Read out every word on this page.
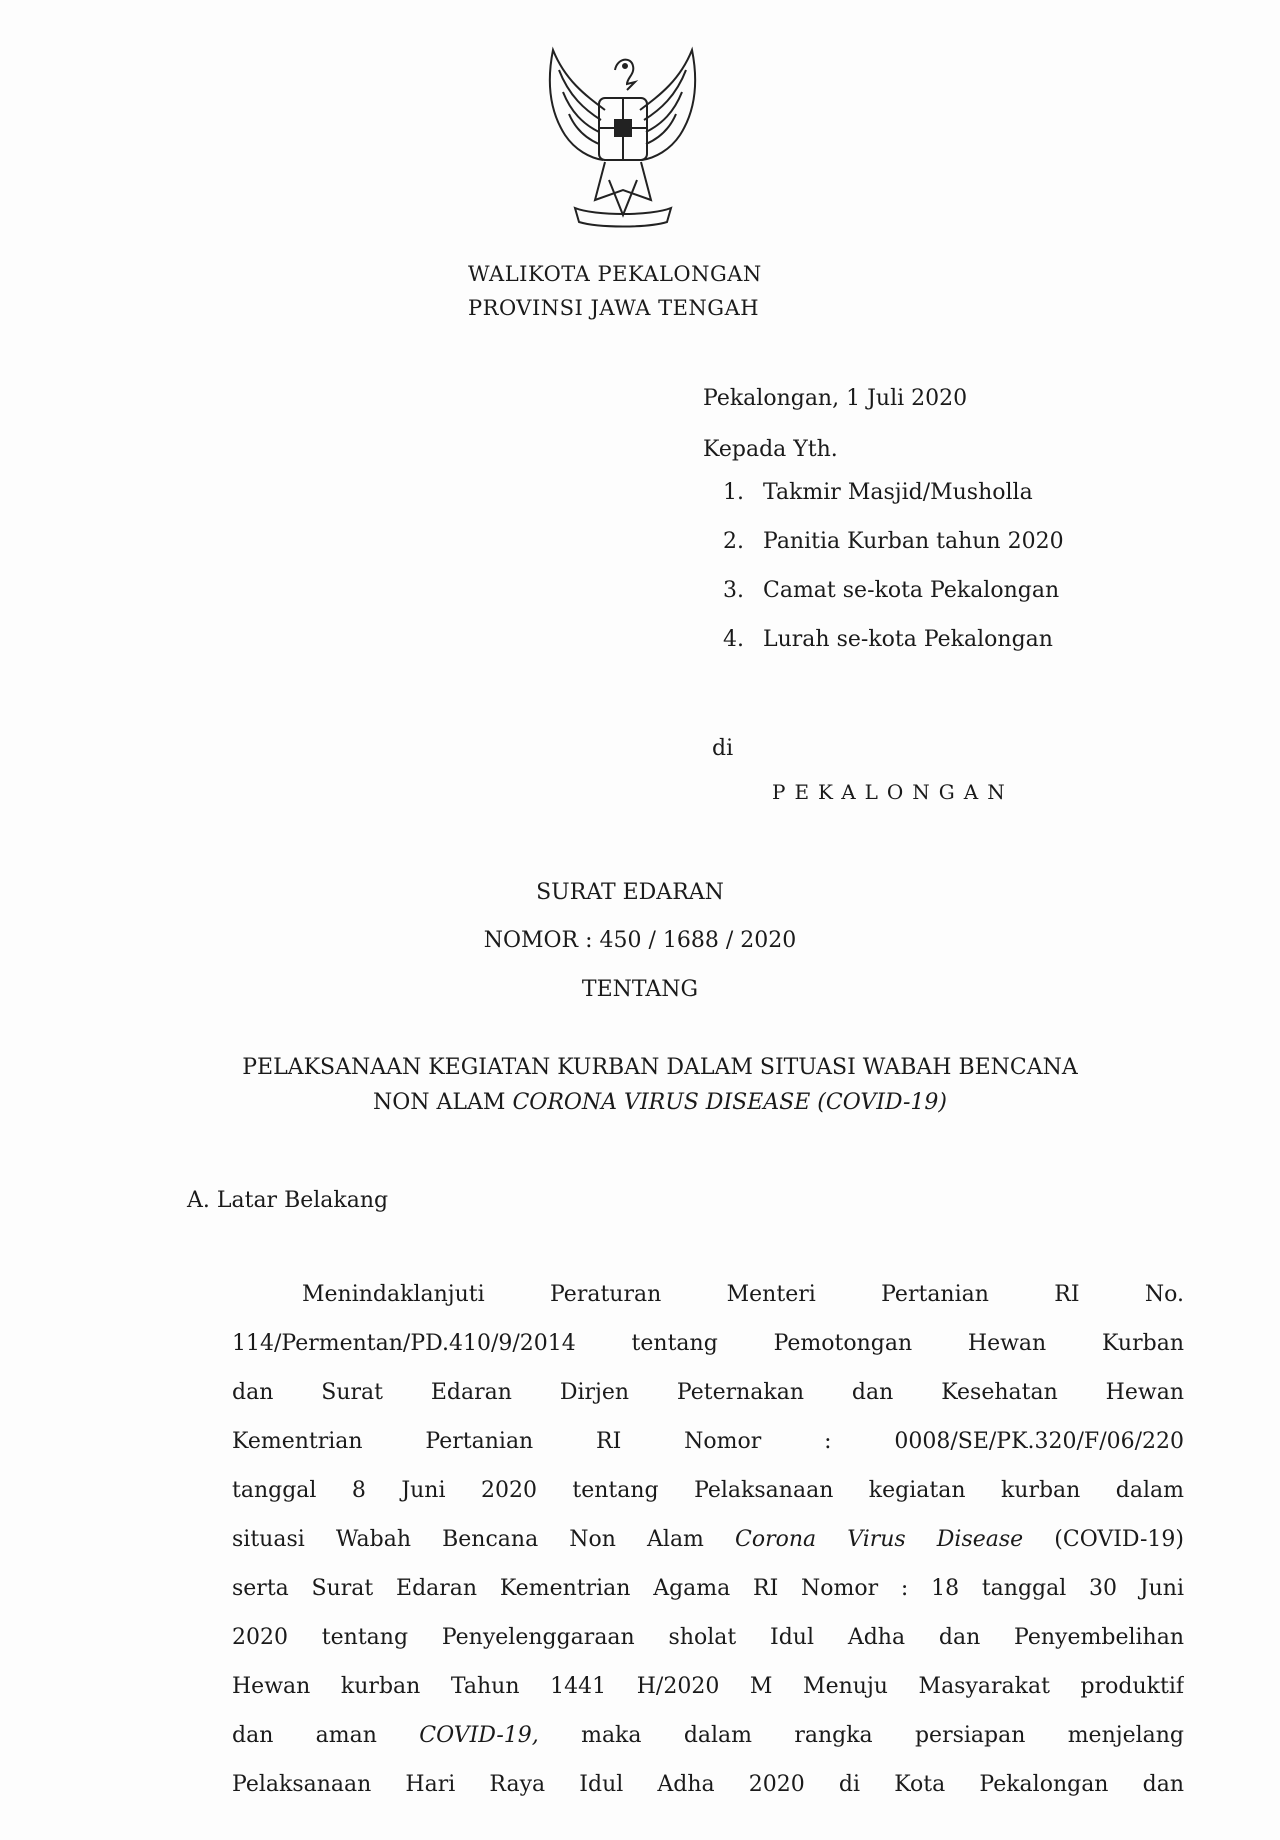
WALIKOTA PEKALONGAN
PROVINSI JAWA TENGAH
Pekalongan, 1 Juli 2020
Kepada Yth.
1. Takmir Masjid/Musholla
2. Panitia Kurban tahun 2020
3. Camat se-kota Pekalongan
4. Lurah se-kota Pekalongan
di
PEKALONGAN
SURAT EDARAN
NOMOR : 450 / 1688 / 2020
TENTANG
PELAKSANAAN KEGIATAN KURBAN DALAM SITUASI WABAH BENCANA
NON ALAM CORONA VIRUS DISEASE (COVID-19)
A. Latar Belakang
Menindaklanjuti Peraturan Menteri Pertanian RI No.
114/Permentan/PD.410/9/2014 tentang Pemotongan Hewan Kurban
dan Surat Edaran Dirjen Peternakan dan Kesehatan Hewan
Kementrian Pertanian RI Nomor : 0008/SE/PK.320/F/06/220
tanggal 8 Juni 2020 tentang Pelaksanaan kegiatan kurban dalam
situasi Wabah Bencana Non Alam Corona Virus Disease (COVID-19)
serta Surat Edaran Kementrian Agama RI Nomor : 18 tanggal 30 Juni
2020 tentang Penyelenggaraan sholat Idul Adha dan Penyembelihan
Hewan kurban Tahun 1441 H/2020 M Menuju Masyarakat produktif
dan aman COVID-19, maka dalam rangka persiapan menjelang
Pelaksanaan Hari Raya Idul Adha 2020 di Kota Pekalongan dan
